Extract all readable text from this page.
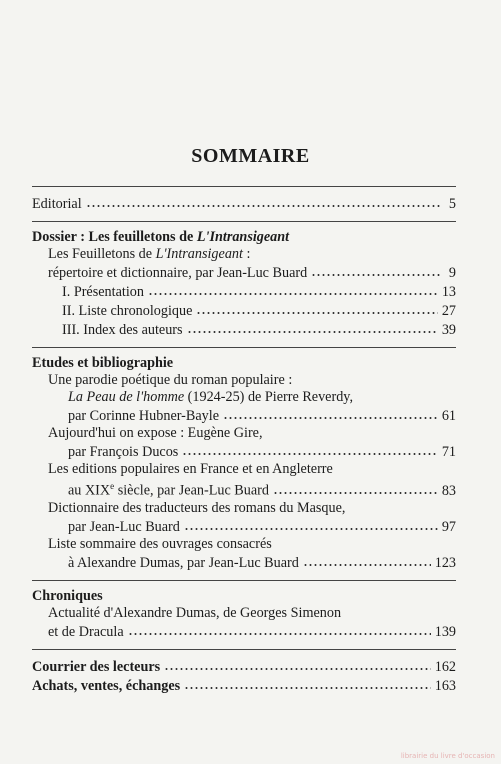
SOMMAIRE
Editorial	5
Dossier : Les feuilletons de L'Intransigeant
Les Feuilletons de L'Intransigeant :
répertoire et dictionnaire, par Jean-Luc Buard	9
I. Présentation	13
II. Liste chronologique	27
III. Index des auteurs	39
Etudes et bibliographie
Une parodie poétique du roman populaire :
La Peau de l'homme (1924-25) de Pierre Reverdy,
par Corinne Hubner-Bayle	61
Aujourd'hui on expose : Eugène Gire,
par François Ducos	71
Les editions populaires en France et en Angleterre
au XIXe siècle, par Jean-Luc Buard	83
Dictionnaire des traducteurs des romans du Masque,
par Jean-Luc Buard	97
Liste sommaire des ouvrages consacrés
à Alexandre Dumas, par Jean-Luc Buard	123
Chroniques
Actualité d'Alexandre Dumas, de Georges Simenon
et de Dracula	139
Courrier des lecteurs	162
Achats, ventes, échanges	163
librairie du livre d'occasion
